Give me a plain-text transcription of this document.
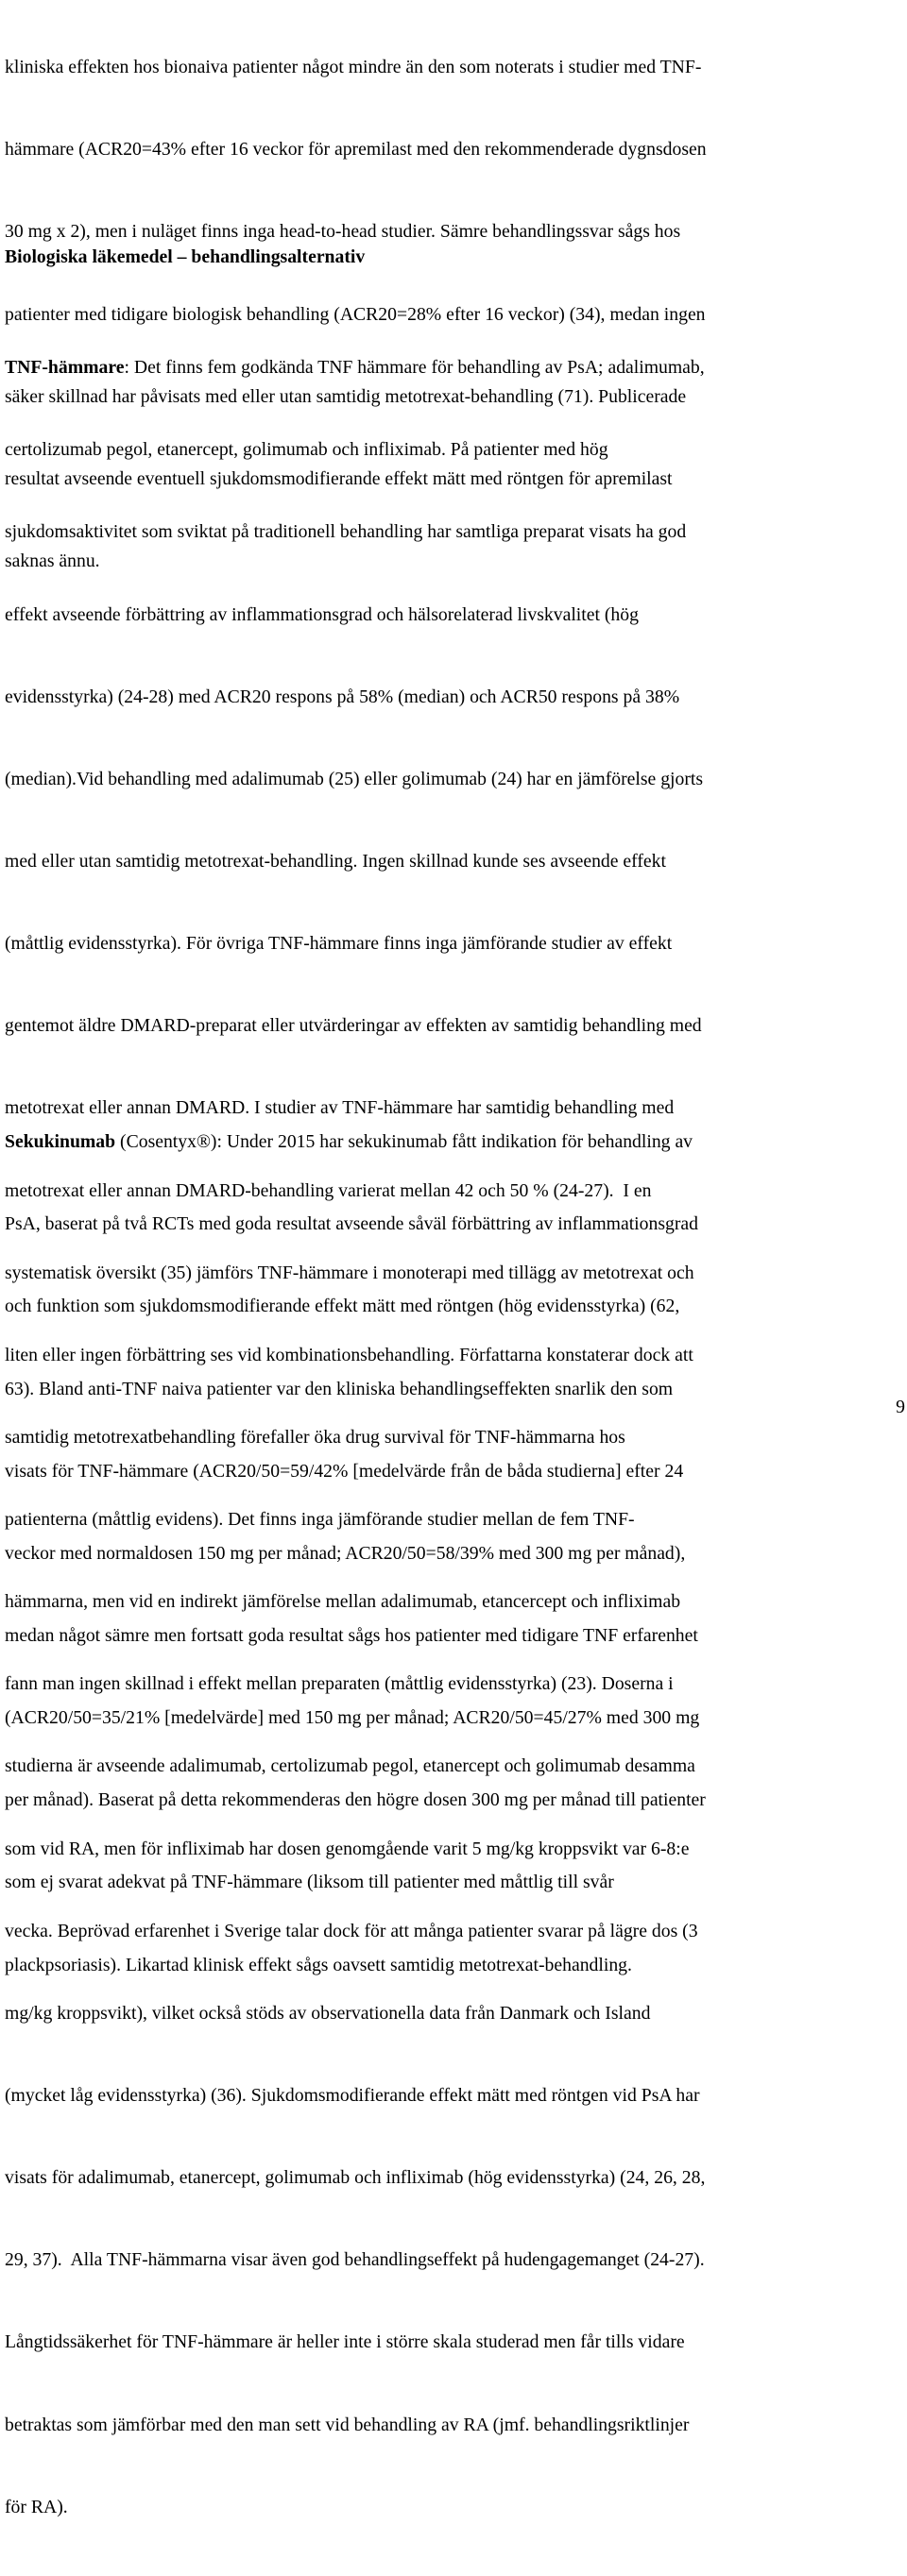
kliniska effekten hos bionaiva patienter något mindre än den som noterats i studier med TNF-

hämmare (ACR20=43% efter 16 veckor för apremilast med den rekommenderade dygnsdosen

30 mg x 2), men i nuläget finns inga head-to-head studier. Sämre behandlingssvar sågs hos

patienter med tidigare biologisk behandling (ACR20=28% efter 16 veckor) (34), medan ingen

säker skillnad har påvisats med eller utan samtidig metotrexat-behandling (71). Publicerade

resultat avseende eventuell sjukdomsmodifierande effekt mätt med röntgen för apremilast

saknas ännu.

Biologiska läkemedel – behandlingsalternativ

TNF-hämmare: Det finns fem godkända TNF hämmare för behandling av PsA; adalimumab,

certolizumab pegol, etanercept, golimumab och infliximab. På patienter med hög

sjukdomsaktivitet som sviktat på traditionell behandling har samtliga preparat visats ha god

effekt avseende förbättring av inflammationsgrad och hälsorelaterad livskvalitet (hög

evidensstyrka) (24-28) med ACR20 respons på 58% (median) och ACR50 respons på 38%

(median).Vid behandling med adalimumab (25) eller golimumab (24) har en jämförelse gjorts

med eller utan samtidig metotrexat-behandling. Ingen skillnad kunde ses avseende effekt

(måttlig evidensstyrka). För övriga TNF-hämmare finns inga jämförande studier av effekt

gentemot äldre DMARD-preparat eller utvärderingar av effekten av samtidig behandling med

metotrexat eller annan DMARD. I studier av TNF-hämmare har samtidig behandling med

metotrexat eller annan DMARD-behandling varierat mellan 42 och 50 % (24-27).  I en

systematisk översikt (35) jämförs TNF-hämmare i monoterapi med tillägg av metotrexat och

liten eller ingen förbättring ses vid kombinationsbehandling. Författarna konstaterar dock att

samtidig metotrexatbehandling förefaller öka drug survival för TNF-hämmarna hos

patienterna (måttlig evidens). Det finns inga jämförande studier mellan de fem TNF-

hämmarna, men vid en indirekt jämförelse mellan adalimumab, etancercept och infliximab

fann man ingen skillnad i effekt mellan preparaten (måttlig evidensstyrka) (23). Doserna i

studierna är avseende adalimumab, certolizumab pegol, etanercept och golimumab desamma

som vid RA, men för infliximab har dosen genomgående varit 5 mg/kg kroppsvikt var 6-8:e

vecka. Beprövad erfarenhet i Sverige talar dock för att många patienter svarar på lägre dos (3

mg/kg kroppsvikt), vilket också stöds av observationella data från Danmark och Island

(mycket låg evidensstyrka) (36). Sjukdomsmodifierande effekt mätt med röntgen vid PsA har

visats för adalimumab, etanercept, golimumab och infliximab (hög evidensstyrka) (24, 26, 28,

29, 37).  Alla TNF-hämmarna visar även god behandlingseffekt på hudengagemanget (24-27).

Långtidssäkerhet för TNF-hämmare är heller inte i större skala studerad men får tills vidare

betraktas som jämförbar med den man sett vid behandling av RA (jmf. behandlingsriktlinjer

för RA).

Sekukinumab (Cosentyx®): Under 2015 har sekukinumab fått indikation för behandling av

PsA, baserat på två RCTs med goda resultat avseende såväl förbättring av inflammationsgrad

och funktion som sjukdomsmodifierande effekt mätt med röntgen (hög evidensstyrka) (62,

63). Bland anti-TNF naiva patienter var den kliniska behandlingseffekten snarlik den som

visats för TNF-hämmare (ACR20/50=59/42% [medelvärde från de båda studierna] efter 24

veckor med normaldosen 150 mg per månad; ACR20/50=58/39% med 300 mg per månad),

medan något sämre men fortsatt goda resultat sågs hos patienter med tidigare TNF erfarenhet

(ACR20/50=35/21% [medelvärde] med 150 mg per månad; ACR20/50=45/27% med 300 mg

per månad). Baserat på detta rekommenderas den högre dosen 300 mg per månad till patienter

som ej svarat adekvat på TNF-hämmare (liksom till patienter med måttlig till svår

plackpsoriasis). Likartad klinisk effekt sågs oavsett samtidig metotrexat-behandling.

9
